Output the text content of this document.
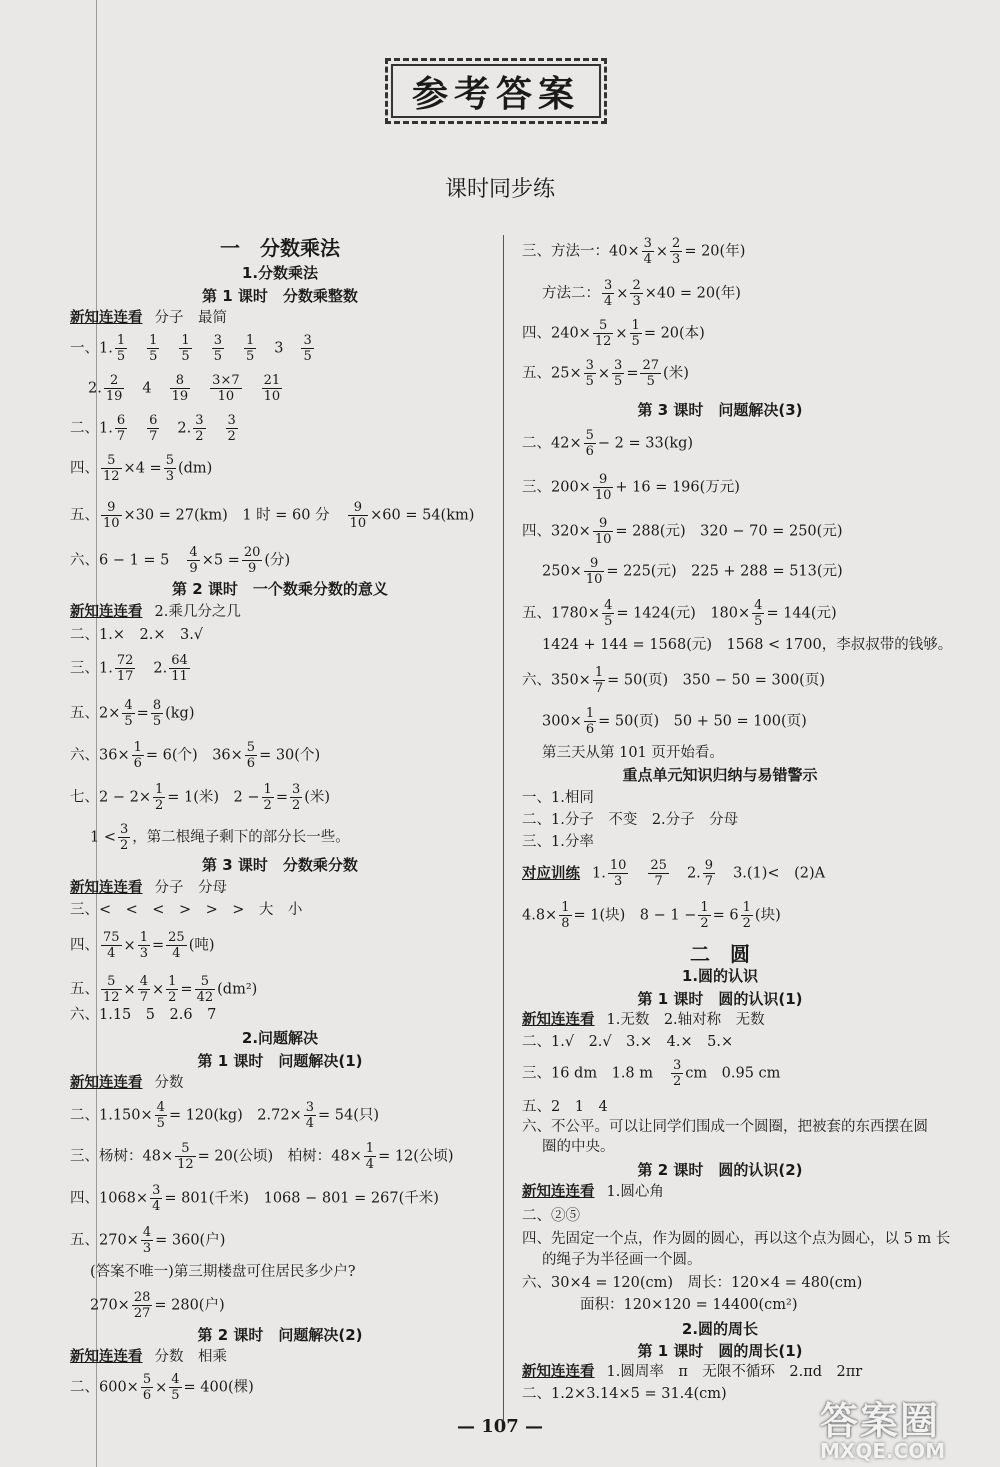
参考答案
课时同步练
一　分数乘法
1.分数乘法
第 1 课时　分数乘整数
新知连连看 分子　最简
一、1. $\frac{1}{5} \frac{1}{5} \frac{1}{5} \frac{3}{5} \frac{1}{5} 3 \frac{3}{5}$
2. $\frac{2}{19} 4 \frac{8}{19} \frac{3\times 7}{10} \frac{21}{10}$
二、1. $\frac{6}{7} \frac{6}{7} 2$. $\frac{3}{2} \frac{3}{2}$
四、 $\frac{5}{12} \times 4 = \frac{5}{3} (dm)$
五、 $\frac{9}{10} \times 30 = 27(km)$　1 时 = 60 分 $\frac{9}{10} \times 60 = 54(km)$
六、$6 - 1 = 5 \frac{4}{9} \times 5 = \frac{20}{9}$ (分)
第 2 课时　一个数乘分数的意义
新知连连看 2.乘几分之几
二、1.×　2.×　3.√
三、1. $\frac{72}{17} 2$. $\frac{64}{11}$
五、$2\times \frac{4}{5} = \frac{8}{5} (kg)$
六、$36\times \frac{1}{6} = 6$(个)　$36\times \frac{5}{6} = 30$(个)
七、$2 - 2\times \frac{1}{2} = 1$(米)　$2 - \frac{1}{2} = \frac{3}{2}$ (米)
$1 < \frac{3}{2}$ ，第二根绳子剩下的部分长一些。
第 3 课时　分数乘分数
新知连连看 分子　分母
三、<　<　<　>　>　>　大　小
四、 $\frac{75}{4} \times \frac{1}{3} = \frac{25}{4}$ (吨)
五、 $\frac{5}{12} \times \frac{4}{7} \times \frac{1}{2} = \frac{5}{42} (dm^2)$
六、1.15　5　2.6　7
2.问题解决
第 1 课时　问题解决(1)
新知连连看 分数
二、$1.150\times \frac{4}{5} = 120(kg)$　$2.72\times \frac{3}{4} = 54$(只)
三、杨树：$48\times \frac{5}{12} = 20$(公顷)　柏树：$48\times \frac{1}{4} = 12$(公顷)
四、$1068\times \frac{3}{4} = 801$(千米)　1068 − 801 = 267(千米)
五、$270\times \frac{4}{3} = 360$(户)
(答案不唯一)第三期楼盘可住居民多少户?
$270\times \frac{28}{27} = 280$(户)
第 2 课时　问题解决(2)
新知连连看 分数　相乘
二、$600\times \frac{5}{6} \times \frac{4}{5} = 400$(棵)
三、方法一：$40\times \frac{3}{4} \times \frac{2}{3} = 20$(年)
方法二： $\frac{3}{4} \times \frac{2}{3} \times 40 = 20$(年)
四、$240\times \frac{5}{12} \times \frac{1}{5} = 20$(本)
五、$25\times \frac{3}{5} \times \frac{3}{5} = \frac{27}{5}$ (米)
第 3 课时　问题解决(3)
二、$42\times \frac{5}{6} - 2 = 33(kg)$
三、$200\times \frac{9}{10} + 16 = 196$(万元)
四、$320\times \frac{9}{10} = 288$(元)　320 − 70 = 250(元)
$250\times \frac{9}{10} = 225$(元)　225 + 288 = 513(元)
五、$1780\times \frac{4}{5} = 1424$(元)　$180\times \frac{4}{5} = 144$(元)
1424 + 144 = 1568(元)　1568 < 1700，李叔叔带的钱够。
六、$350\times \frac{1}{7} = 50$(页)　350 − 50 = 300(页)
$300\times \frac{1}{6} = 50$(页)　50 + 50 = 100(页)
第三天从第 101 页开始看。
重点单元知识归纳与易错警示
一、1.相同
二、1.分子　不变　2.分子　分母
三、1.分率
对应训练 1. $\frac{10}{3} \frac{25}{7} 2$. $\frac{9}{7} 3.(1)<$　(2)A
$4.8\times \frac{1}{8} = 1$(块)　$8 - 1 - \frac{1}{2} = 6 \frac{1}{2}$ (块)
二　圆
1.圆的认识
第 1 课时　圆的认识(1)
新知连连看 1.无数　2.轴对称　无数
二、1.√　2.√　3.×　4.×　5.×
三、16 dm　1.8 m $\frac{3}{2}$ cm　0.95 cm
五、2　1　4
六、不公平。可以让同学们围成一个圆圈，把被套的东西摆在圆
圈的中央。
第 2 课时　圆的认识(2)
新知连连看 1.圆心角
二、②⑤
四、先固定一个点，作为圆的圆心，再以这个点为圆心，以 5 m 长
的绳子为半径画一个圆。
六、30×4 = 120(cm)　周长：120×4 = 480(cm)
面积：120×120 = 14400(cm²)
2.圆的周长
第 1 课时　圆的周长(1)
新知连连看 1.圆周率　π　无限不循环　2.πd　2πr
二、1.2×3.14×5 = 31.4(cm)
— 107 —	答案圈
MXQE.COM
